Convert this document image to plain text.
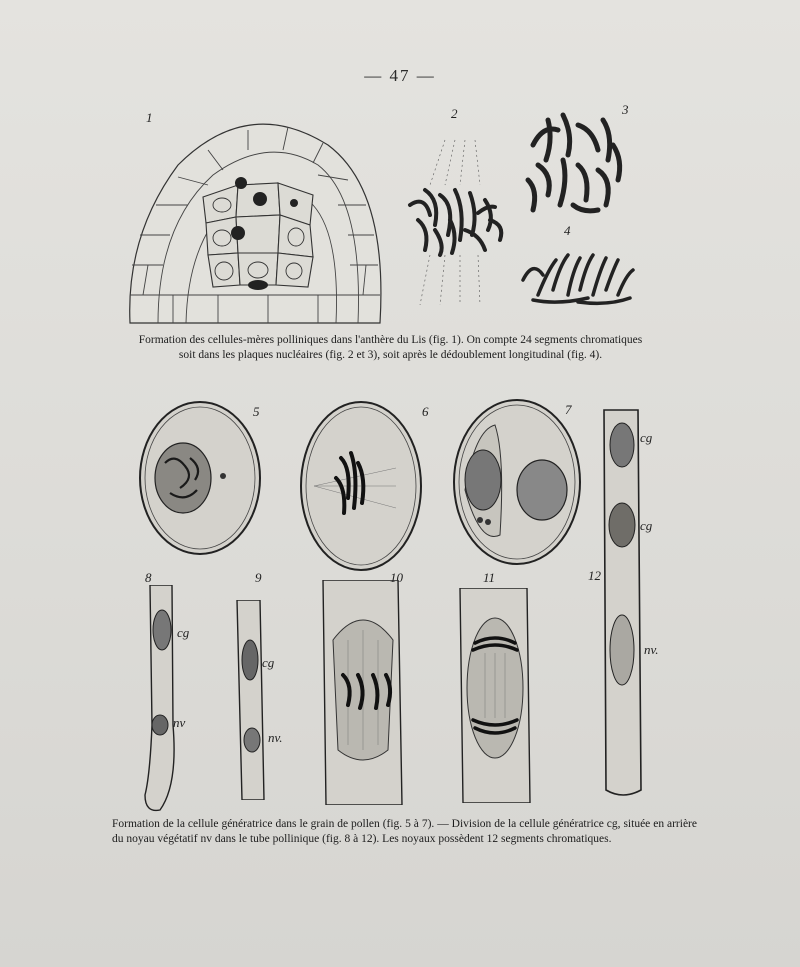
— 47 —
1	2	3
4
Formation des cellules-mères polliniques dans l'anthère du Lis (fig. 1). On compte 24 segments chromatiques
soit dans les plaques nucléaires (fig. 2 et 3), soit après le dédoublement longitudinal (fig. 4).
5	6	7
12
cg
cg
nv.
8
cg
nv
9
cg
nv.
10	11
Formation de la cellule génératrice dans le grain de pollen (fig. 5 à 7). — Division de la cellule génératrice cg, située en arrière du noyau végétatif nv dans le tube pollinique (fig. 8 à 12). Les noyaux possèdent 12 segments chromatiques.
